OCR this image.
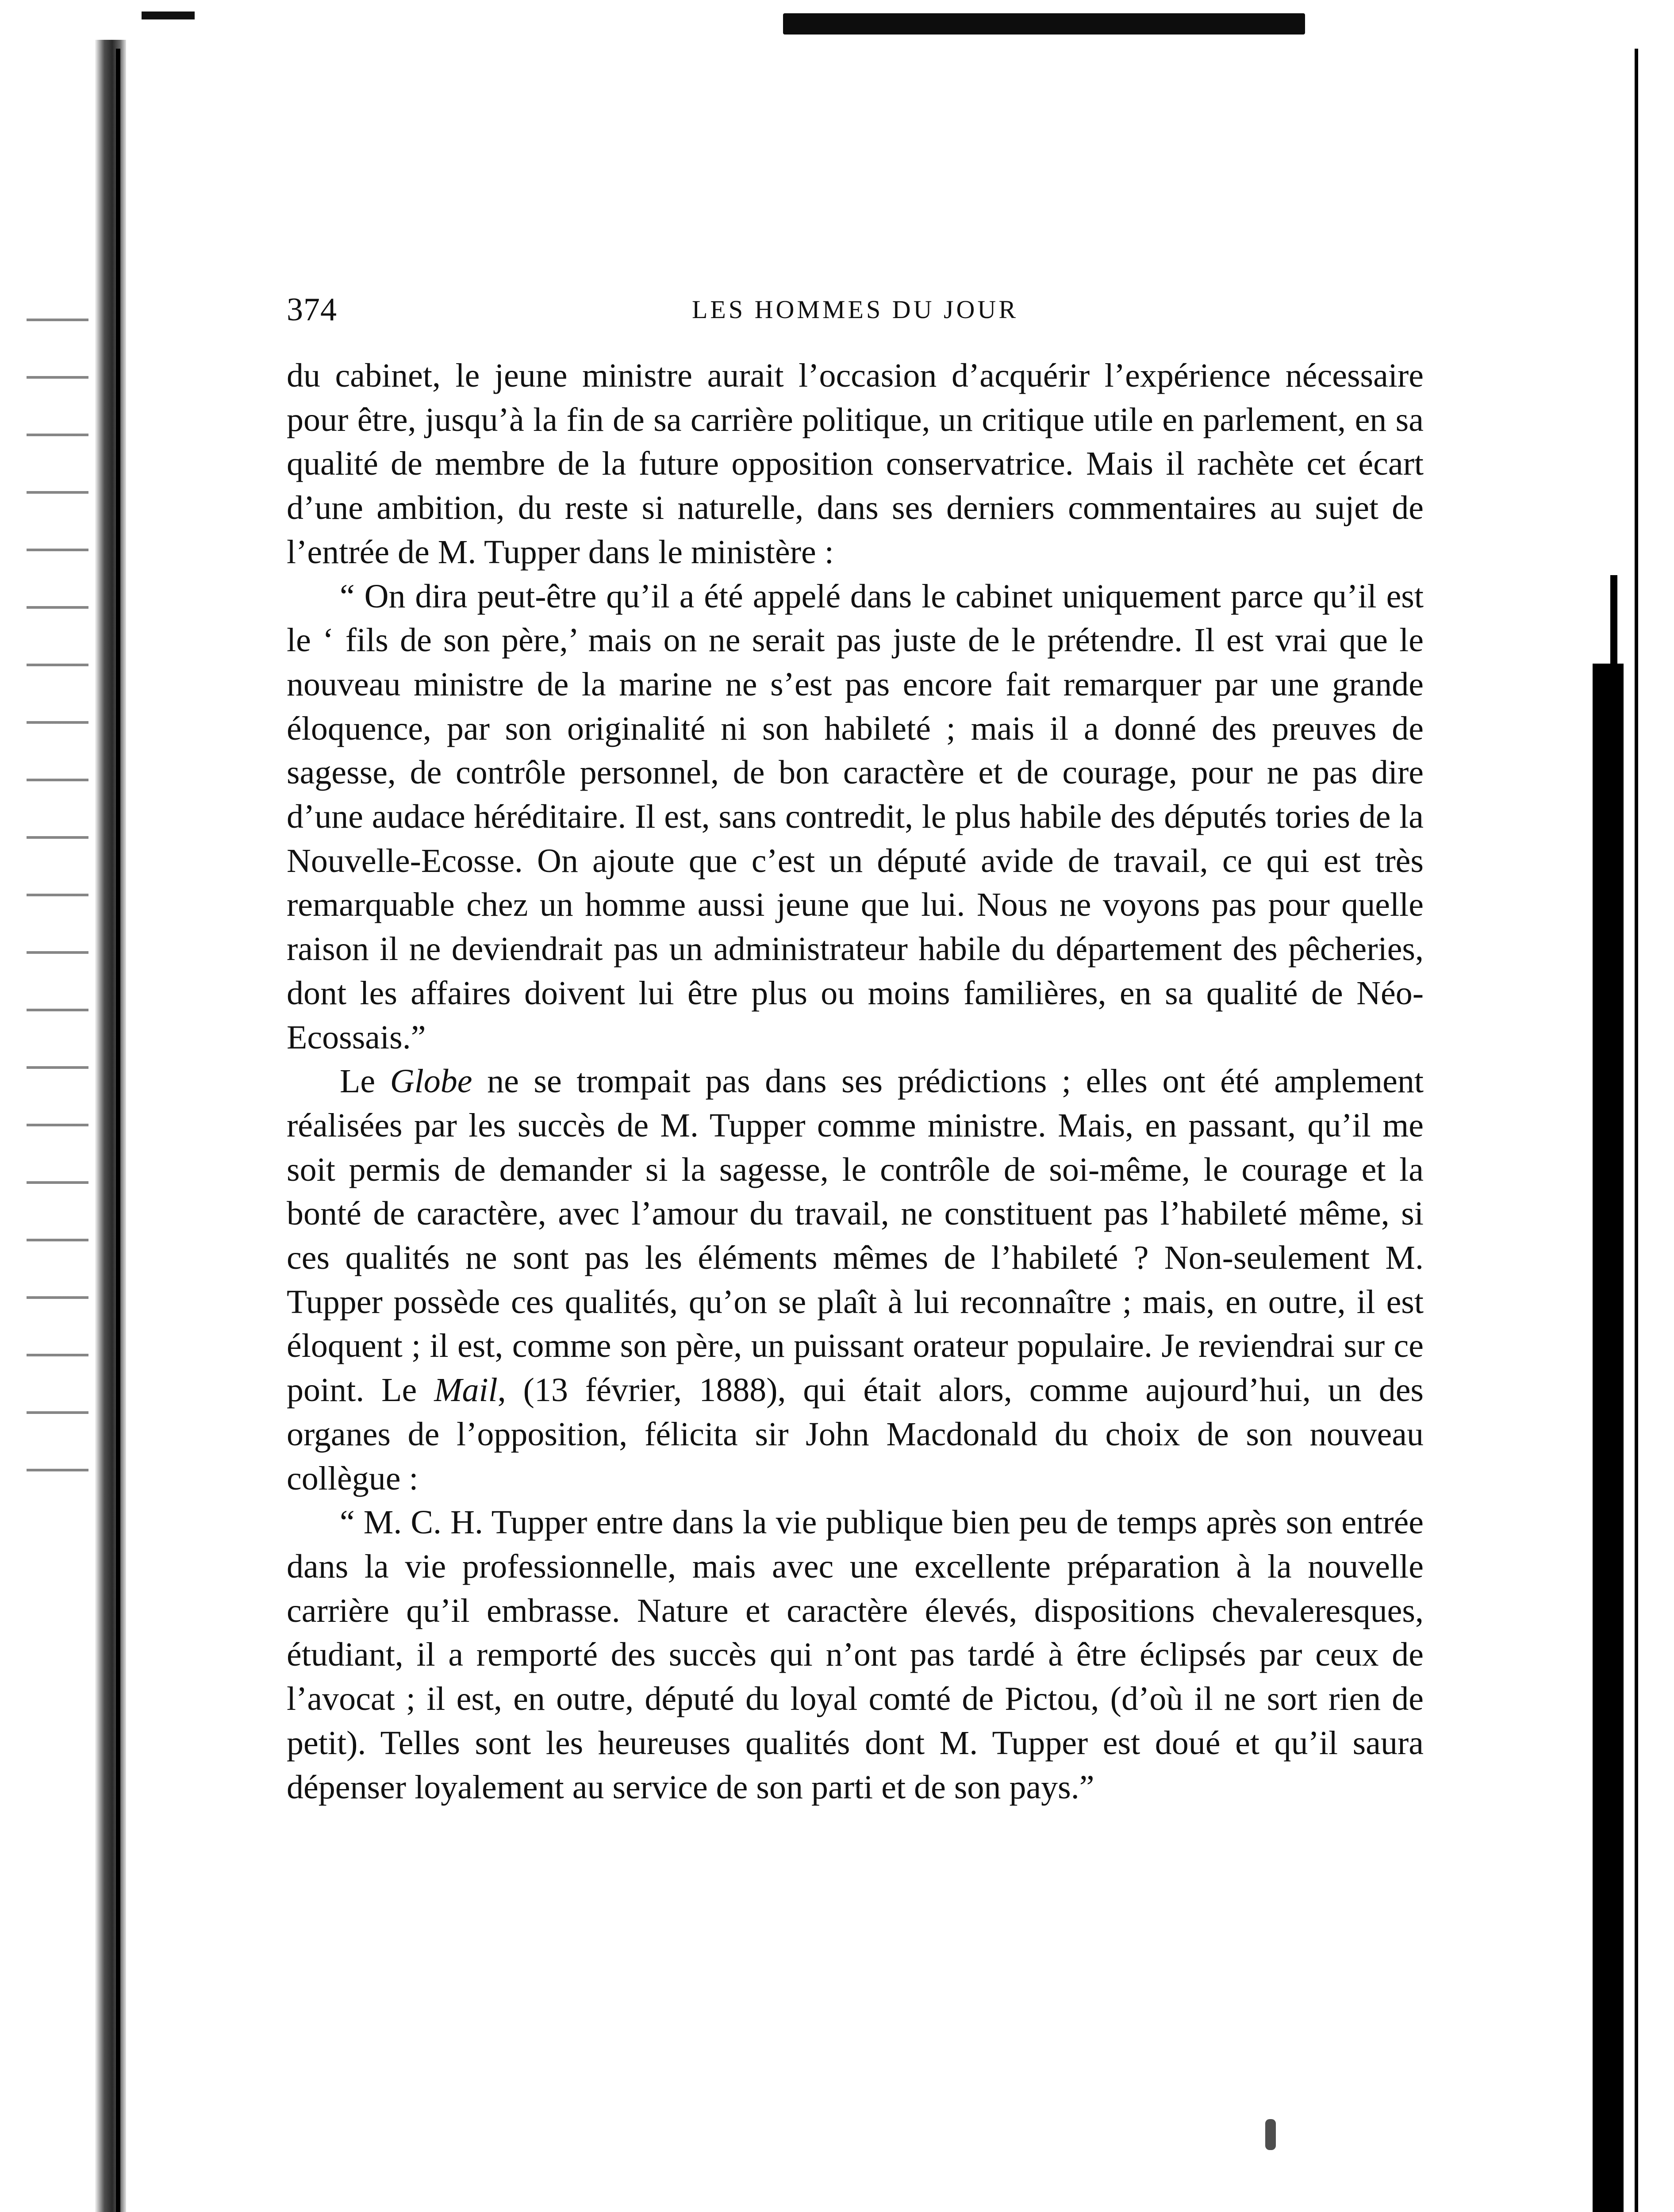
374	LES HOMMES DU JOUR

du cabinet, le jeune ministre aurait l’occasion d’acquérir l’expérience nécessaire pour être, jusqu’à la fin de sa carrière politique, un critique utile en parlement, en sa qualité de membre de la future opposition conservatrice. Mais il rachète cet écart d’une ambition, du reste si naturelle, dans ses derniers commentaires au sujet de l’entrée de M. Tupper dans le ministère :

“ On dira peut-être qu’il a été appelé dans le cabinet uniquement parce qu’il est le ‘ fils de son père,’ mais on ne serait pas juste de le prétendre. Il est vrai que le nouveau ministre de la marine ne s’est pas encore fait remarquer par une grande éloquence, par son originalité ni son habileté ; mais il a donné des preuves de sagesse, de contrôle personnel, de bon caractère et de courage, pour ne pas dire d’une audace héréditaire. Il est, sans contredit, le plus habile des députés tories de la Nouvelle-Ecosse. On ajoute que c’est un député avide de travail, ce qui est très remarquable chez un homme aussi jeune que lui. Nous ne voyons pas pour quelle raison il ne deviendrait pas un administrateur habile du département des pêcheries, dont les affaires doivent lui être plus ou moins familières, en sa qualité de Néo-Ecossais.”

Le Globe ne se trompait pas dans ses prédictions ; elles ont été amplement réalisées par les succès de M. Tupper comme ministre. Mais, en passant, qu’il me soit permis de demander si la sagesse, le contrôle de soi-même, le courage et la bonté de caractère, avec l’amour du travail, ne constituent pas l’habileté même, si ces qualités ne sont pas les éléments mêmes de l’habileté ? Non-seulement M. Tupper possède ces qualités, qu’on se plaît à lui reconnaître ; mais, en outre, il est éloquent ; il est, comme son père, un puissant orateur populaire. Je reviendrai sur ce point. Le Mail, (13 février, 1888), qui était alors, comme aujourd’hui, un des organes de l’opposition, félicita sir John Macdonald du choix de son nouveau collègue :

“ M. C. H. Tupper entre dans la vie publique bien peu de temps après son entrée dans la vie professionnelle, mais avec une excellente préparation à la nouvelle carrière qu’il embrasse. Nature et caractère élevés, dispositions chevaleresques, étudiant, il a remporté des succès qui n’ont pas tardé à être éclipsés par ceux de l’avocat ; il est, en outre, député du loyal comté de Pictou, (d’où il ne sort rien de petit). Telles sont les heureuses qualités dont M. Tupper est doué et qu’il saura dépenser loyalement au service de son parti et de son pays.”
